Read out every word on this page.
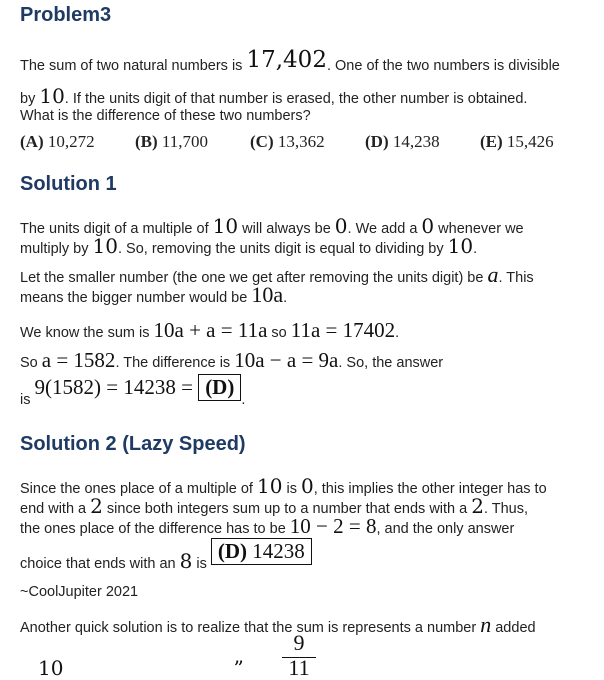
Problem3
The sum of two natural numbers is 17,402. One of the two numbers is divisible
by 10. If the units digit of that number is erased, the other number is obtained.
What is the difference of these two numbers?
(A) 10,272 (B) 11,700 (C) 13,362 (D) 14,238 (E) 15,426
Solution 1
The units digit of a multiple of 10 will always be 0. We add a 0 whenever we
multiply by 10. So, removing the units digit is equal to dividing by 10.
Let the smaller number (the one we get after removing the units digit) be a. This
means the bigger number would be 10a.
We know the sum is 10a + a = 11a so 11a = 17402.
So a = 1582. The difference is 10a − a = 9a. So, the answer
is 9(1582) = 14238 = (D).
Solution 2 (Lazy Speed)
Since the ones place of a multiple of 10 is 0, this implies the other integer has to
end with a 2 since both integers sum up to a number that ends with a 2. Thus,
the ones place of the difference has to be 10 − 2 = 8, and the only answer
choice that ends with an 8 is (D) 14238
~CoolJupiter 2021
Another quick solution is to realize that the sum is represents a number n added
10	” $\frac{9}{11}$
